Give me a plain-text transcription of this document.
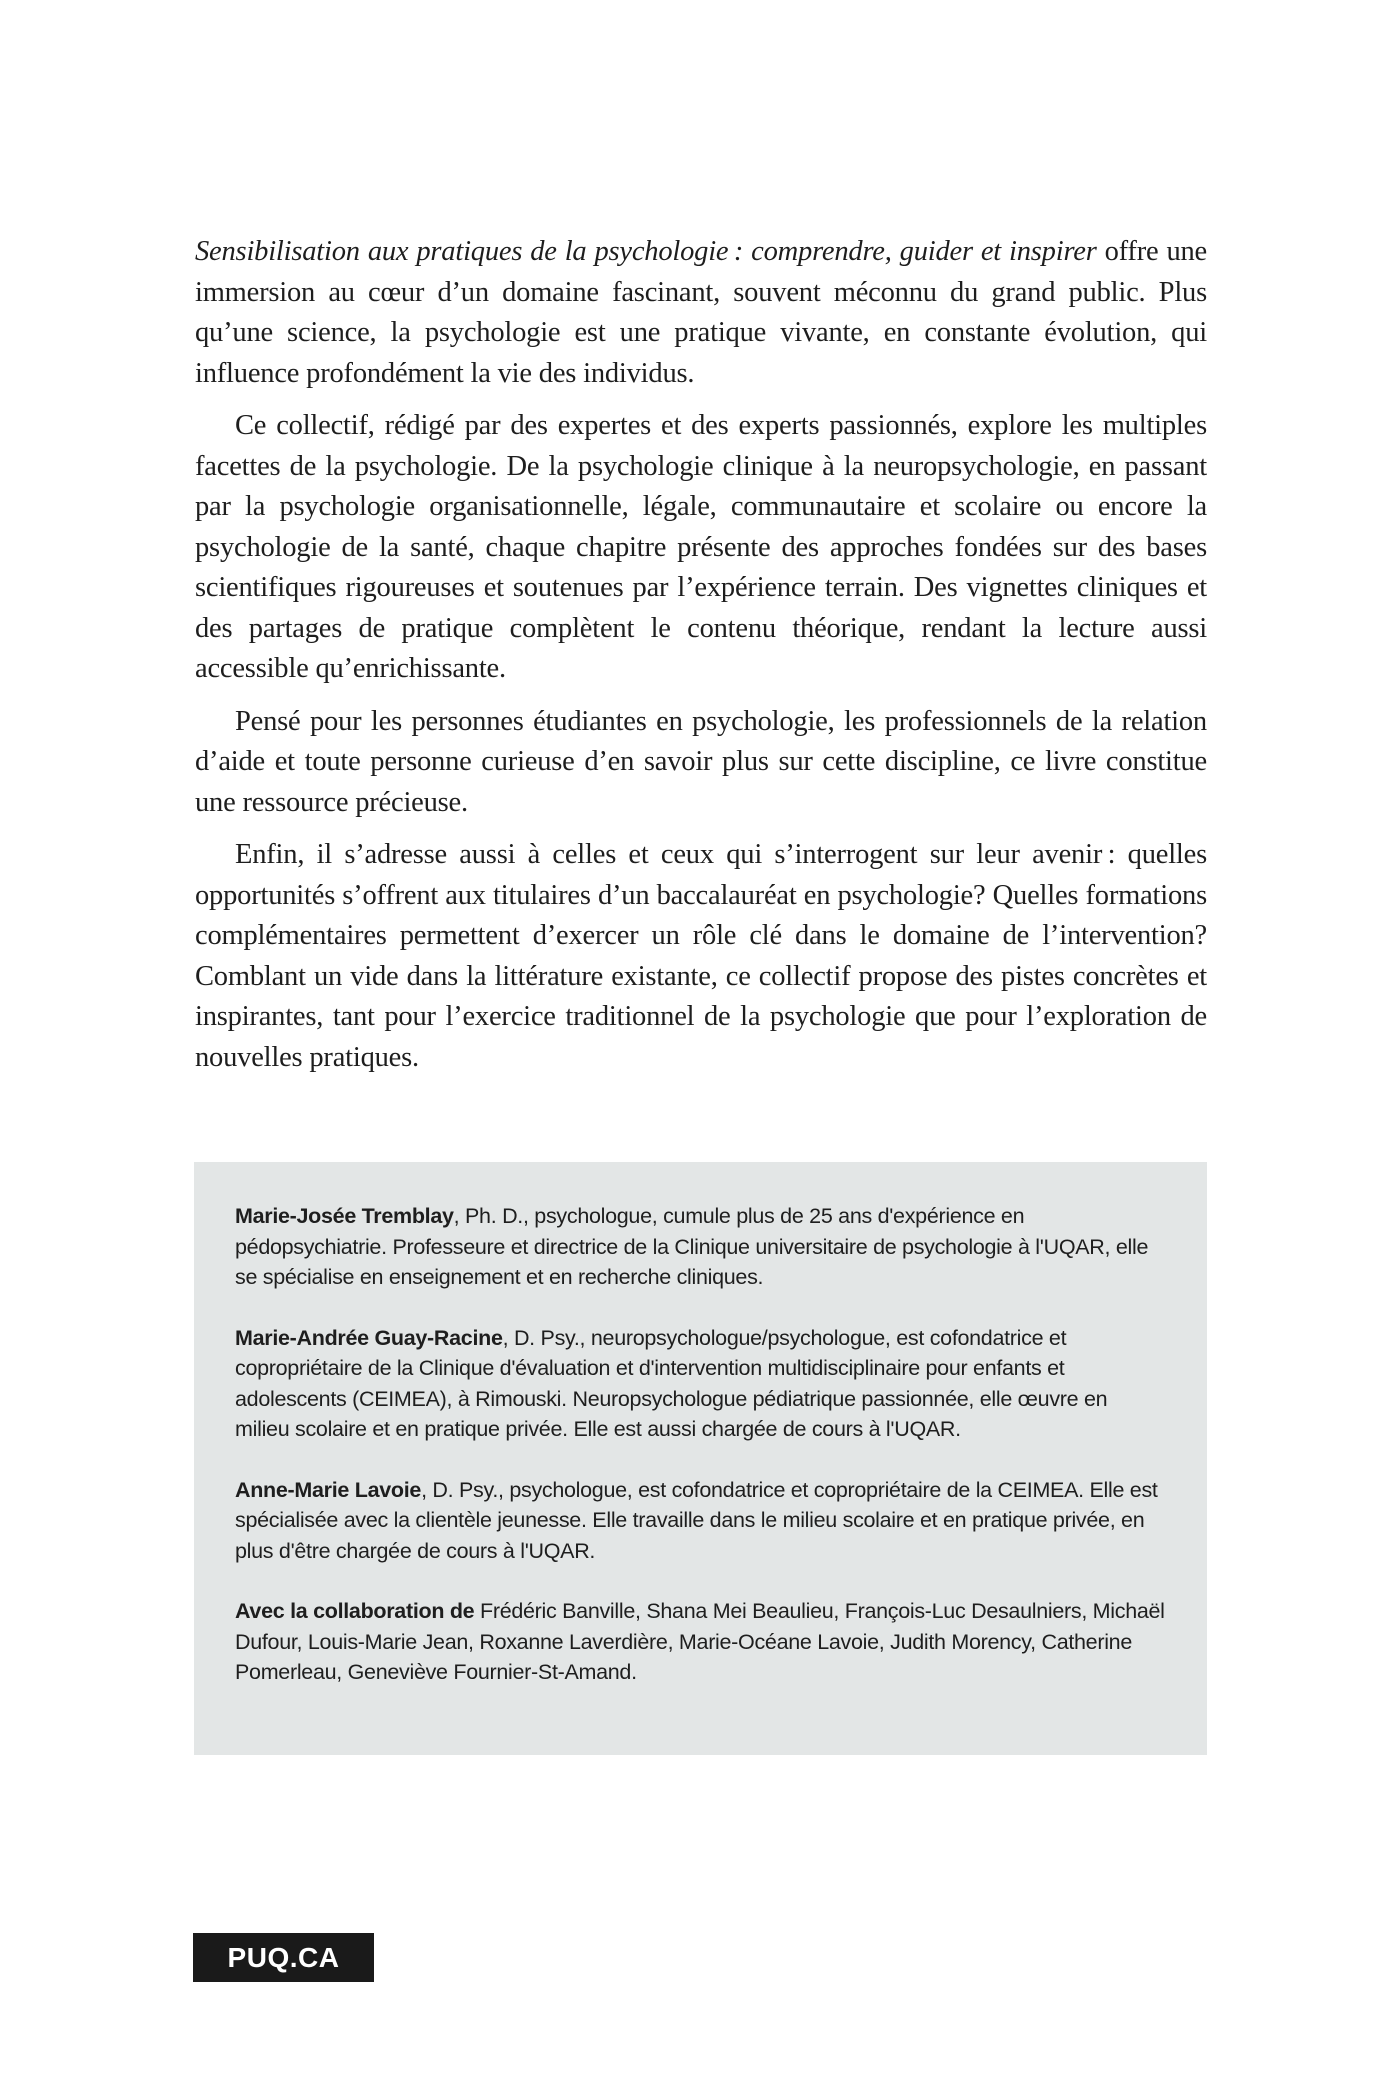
Sensibilisation aux pratiques de la psychologie : comprendre, guider et inspirer offre une immersion au cœur d’un domaine fascinant, souvent méconnu du grand public. Plus qu’une science, la psychologie est une pratique vivante, en constante évolution, qui influence profondément la vie des individus.

Ce collectif, rédigé par des expertes et des experts passionnés, explore les multiples facettes de la psychologie. De la psychologie clinique à la neuropsychologie, en passant par la psychologie organisationnelle, légale, communautaire et scolaire ou encore la psychologie de la santé, chaque chapitre présente des approches fondées sur des bases scientifiques rigoureuses et soutenues par l’expérience terrain. Des vignettes cliniques et des partages de pratique complètent le contenu théorique, rendant la lecture aussi accessible qu’enrichissante.

Pensé pour les personnes étudiantes en psychologie, les professionnels de la relation d’aide et toute personne curieuse d’en savoir plus sur cette discipline, ce livre constitue une ressource précieuse.

Enfin, il s’adresse aussi à celles et ceux qui s’interrogent sur leur avenir : quelles opportunités s’offrent aux titulaires d’un baccalauréat en psychologie? Quelles formations complémentaires permettent d’exercer un rôle clé dans le domaine de l’intervention? Comblant un vide dans la littérature existante, ce collectif propose des pistes concrètes et inspirantes, tant pour l’exercice traditionnel de la psychologie que pour l’exploration de nouvelles pratiques.

Marie-Josée Tremblay, Ph. D., psychologue, cumule plus de 25 ans d'expérience en pédopsychiatrie. Professeure et directrice de la Clinique universitaire de psychologie à l'UQAR, elle se spécialise en enseignement et en recherche cliniques.

Marie-Andrée Guay-Racine, D. Psy., neuropsychologue/psychologue, est cofondatrice et copropriétaire de la Clinique d'évaluation et d'intervention multidisciplinaire pour enfants et adolescents (CEIMEA), à Rimouski. Neuropsychologue pédiatrique passionnée, elle œuvre en milieu scolaire et en pratique privée. Elle est aussi chargée de cours à l'UQAR.

Anne-Marie Lavoie, D. Psy., psychologue, est cofondatrice et copropriétaire de la CEIMEA. Elle est spécialisée avec la clientèle jeunesse. Elle travaille dans le milieu scolaire et en pratique privée, en plus d'être chargée de cours à l'UQAR.

Avec la collaboration de Frédéric Banville, Shana Mei Beaulieu, François-Luc Desaulniers, Michaël Dufour, Louis-Marie Jean, Roxanne Laverdière, Marie-Océane Lavoie, Judith Morency, Catherine Pomerleau, Geneviève Fournier-St-Amand.

PUQ.CA
